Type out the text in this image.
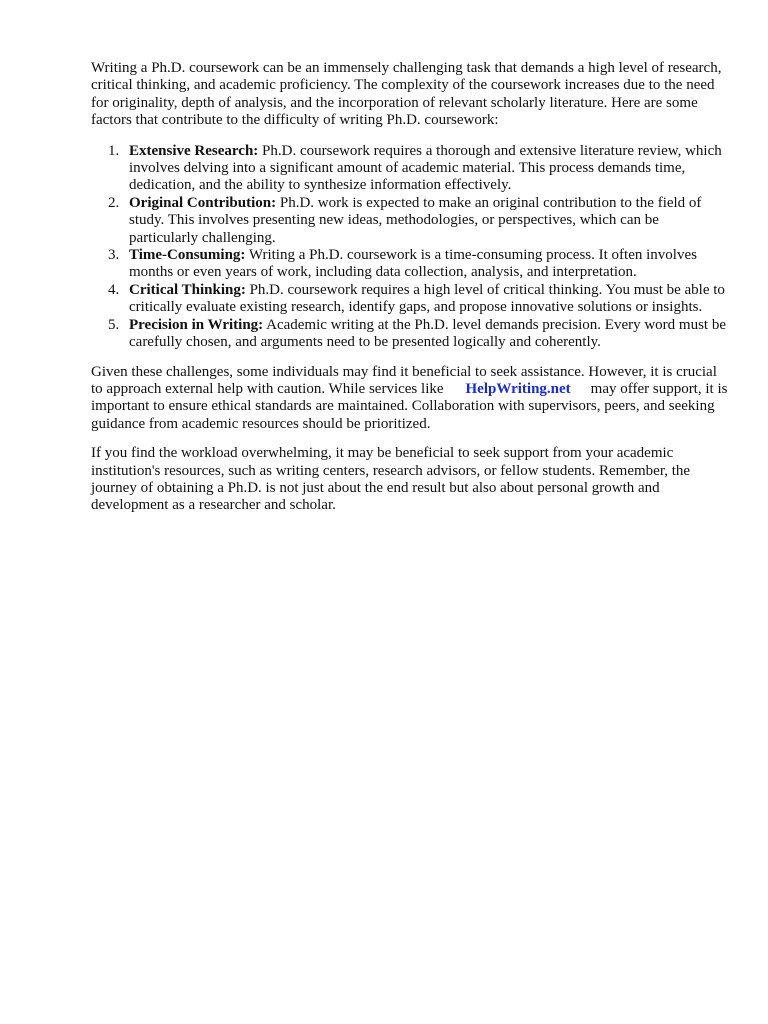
Writing a Ph.D. coursework can be an immensely challenging task that demands a high level of research, critical thinking, and academic proficiency. The complexity of the coursework increases due to the need for originality, depth of analysis, and the incorporation of relevant scholarly literature. Here are some factors that contribute to the difficulty of writing Ph.D. coursework:

1. Extensive Research: Ph.D. coursework requires a thorough and extensive literature review, which involves delving into a significant amount of academic material. This process demands time, dedication, and the ability to synthesize information effectively.
2. Original Contribution: Ph.D. work is expected to make an original contribution to the field of study. This involves presenting new ideas, methodologies, or perspectives, which can be particularly challenging.
3. Time-Consuming: Writing a Ph.D. coursework is a time-consuming process. It often involves months or even years of work, including data collection, analysis, and interpretation.
4. Critical Thinking: Ph.D. coursework requires a high level of critical thinking. You must be able to critically evaluate existing research, identify gaps, and propose innovative solutions or insights.
5. Precision in Writing: Academic writing at the Ph.D. level demands precision. Every word must be carefully chosen, and arguments need to be presented logically and coherently.

Given these challenges, some individuals may find it beneficial to seek assistance. However, it is crucial to approach external help with caution. While services like HelpWriting.net may offer support, it is important to ensure ethical standards are maintained. Collaboration with supervisors, peers, and seeking guidance from academic resources should be prioritized.

If you find the workload overwhelming, it may be beneficial to seek support from your academic institution's resources, such as writing centers, research advisors, or fellow students. Remember, the journey of obtaining a Ph.D. is not just about the end result but also about personal growth and development as a researcher and scholar.
